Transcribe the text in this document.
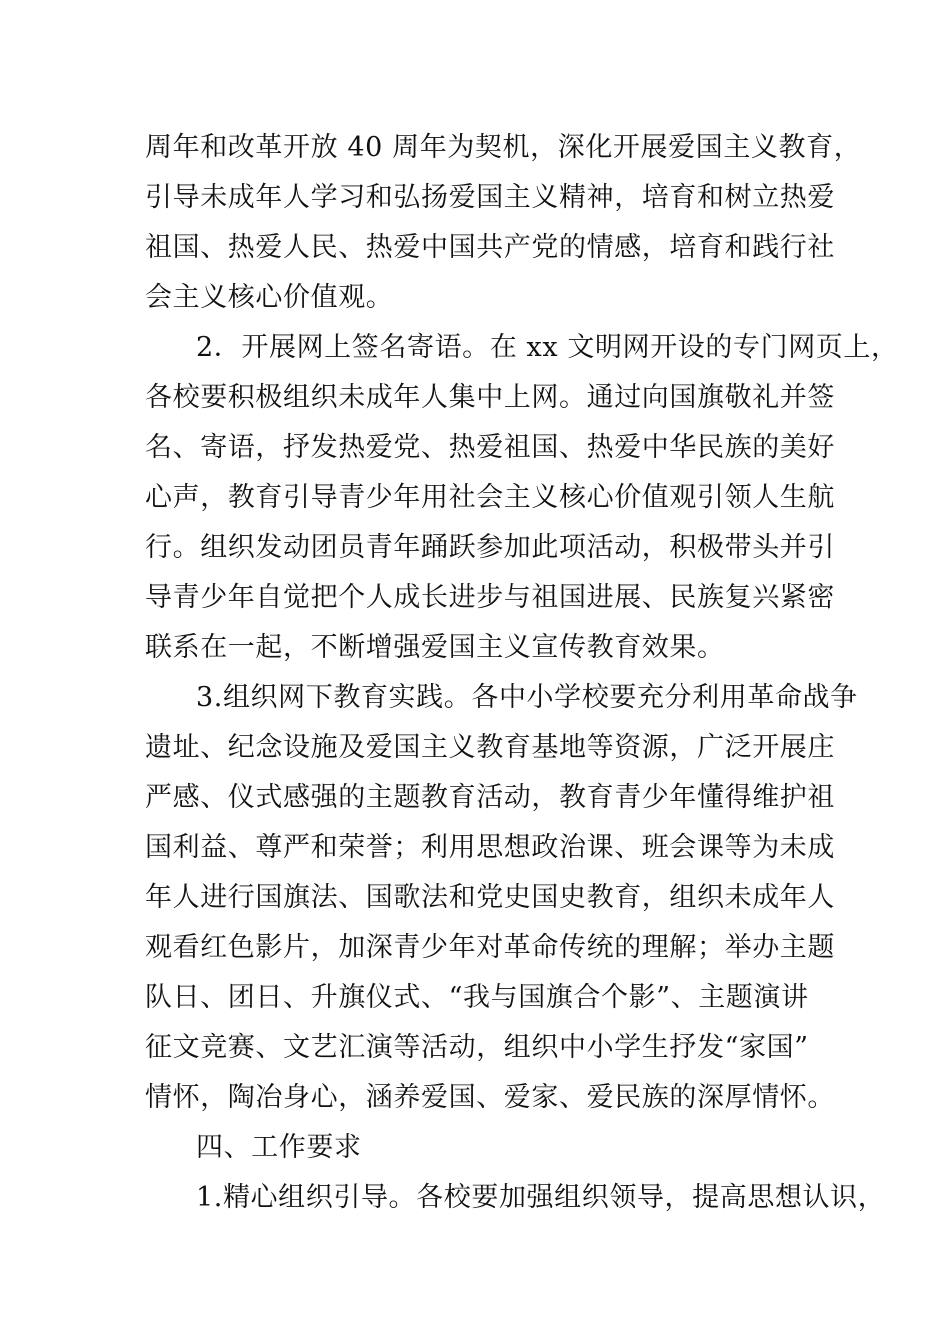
周年和改革开放 40 周年为契机，深化开展爱国主义教育，
引导未成年人学习和弘扬爱国主义精神，培育和树立热爱
祖国、热爱人民、热爱中国共产党的情感，培育和践行社
会主义核心价值观。
2．开展网上签名寄语。在 xx 文明网开设的专门网页上，
各校要积极组织未成年人集中上网。通过向国旗敬礼并签
名、寄语，抒发热爱党、热爱祖国、热爱中华民族的美好
心声，教育引导青少年用社会主义核心价值观引领人生航
行。组织发动团员青年踊跃参加此项活动，积极带头并引
导青少年自觉把个人成长进步与祖国进展、民族复兴紧密
联系在一起，不断增强爱国主义宣传教育效果。
3.组织网下教育实践。各中小学校要充分利用革命战争
遗址、纪念设施及爱国主义教育基地等资源，广泛开展庄
严感、仪式感强的主题教育活动，教育青少年懂得维护祖
国利益、尊严和荣誉；利用思想政治课、班会课等为未成
年人进行国旗法、国歌法和党史国史教育，组织未成年人
观看红色影片，加深青少年对革命传统的理解；举办主题
队日、团日、升旗仪式、“我与国旗合个影”、主题演讲
征文竞赛、文艺汇演等活动，组织中小学生抒发“家国”
情怀，陶冶身心，涵养爱国、爱家、爱民族的深厚情怀。
四、工作要求
1.精心组织引导。各校要加强组织领导，提高思想认识，
